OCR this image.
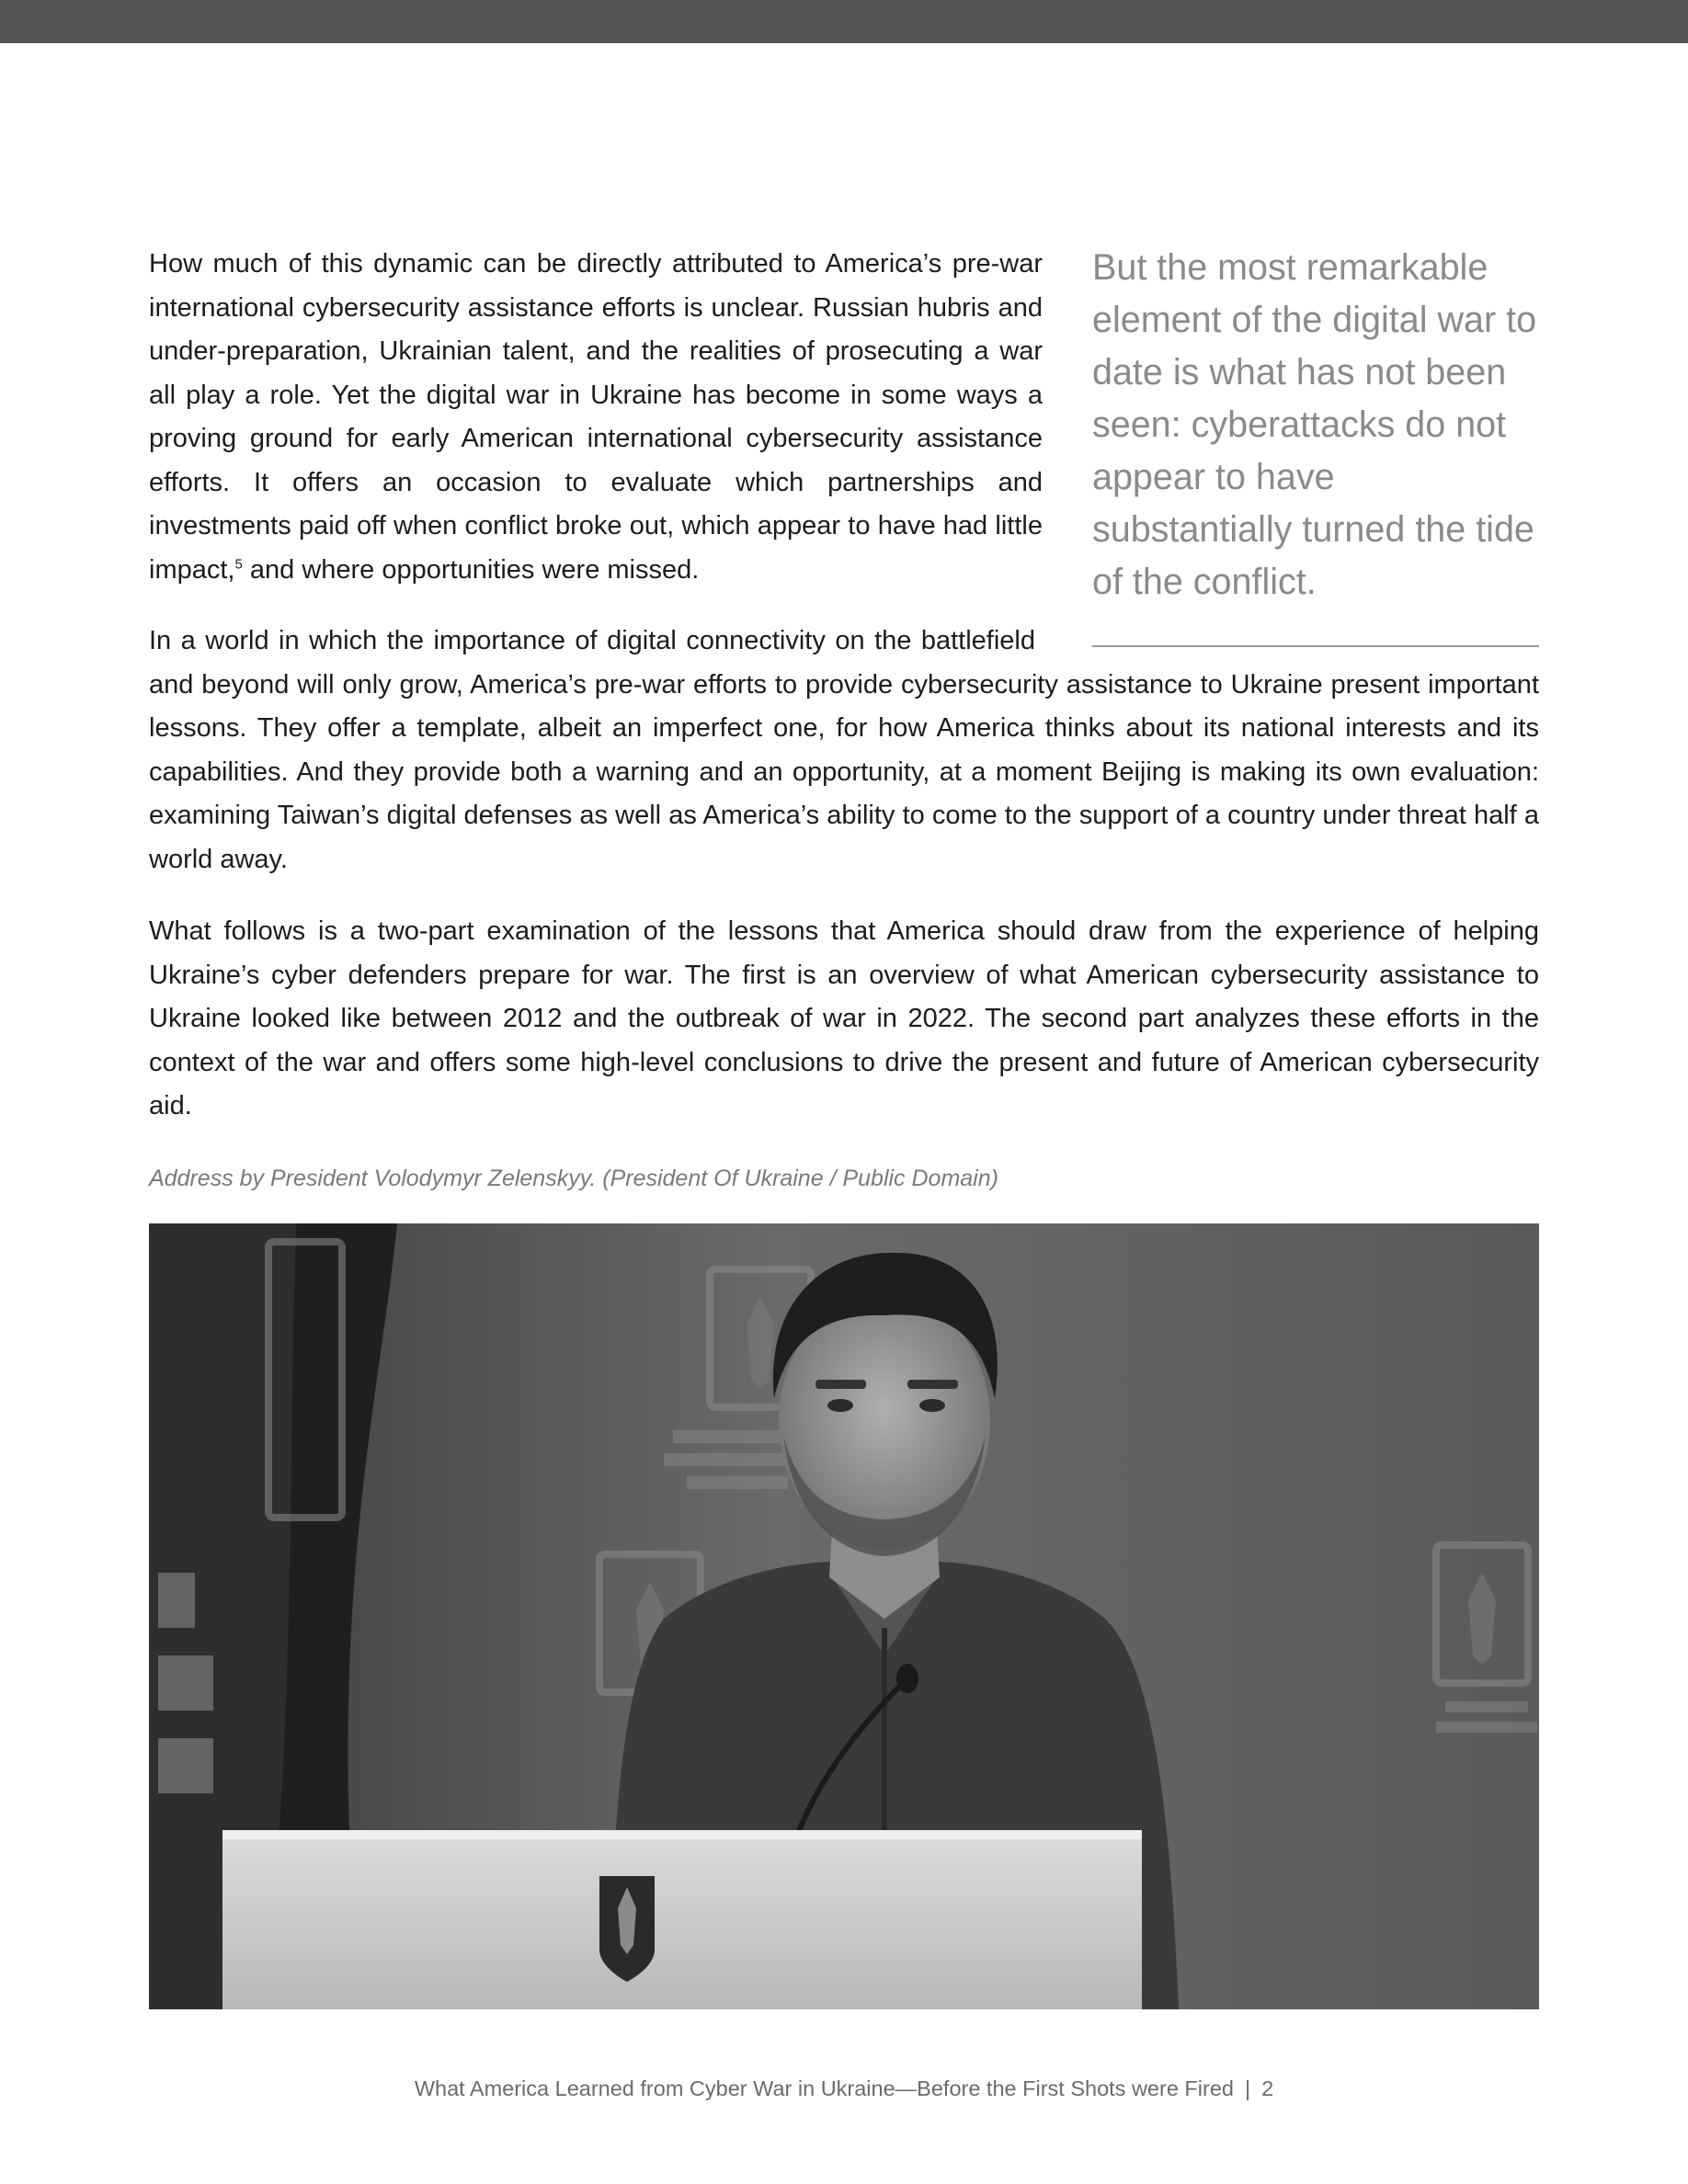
How much of this dynamic can be directly attributed to America’s pre-war international cybersecurity assistance efforts is unclear. Russian hubris and under-preparation, Ukrainian talent, and the realities of prosecuting a war all play a role. Yet the digital war in Ukraine has become in some ways a proving ground for early American international cybersecurity assistance efforts. It offers an occasion to evaluate which partnerships and investments paid off when conflict broke out, which appear to have had little impact,$^5$ and where opportunities were missed.

In a world in which the importance of digital connectivity on the battlefield and beyond will only grow, America’s pre-war efforts to provide cybersecurity assistance to Ukraine present important lessons. They offer a template, albeit an imperfect one, for how America thinks about its national interests and its capabilities. And they provide both a warning and an opportunity, at a moment Beijing is making its own evaluation: examining Taiwan’s digital defenses as well as America’s ability to come to the support of a country under threat half a world away.

What follows is a two-part examination of the lessons that America should draw from the experience of helping Ukraine’s cyber defenders prepare for war. The first is an overview of what American cybersecurity assistance to Ukraine looked like between 2012 and the outbreak of war in 2022. The second part analyzes these efforts in the context of the war and offers some high-level conclusions to drive the present and future of American cybersecurity aid.

But the most remarkable element of the digital war to date is what has not been seen: cyberattacks do not appear to have substantially turned the tide of the conflict.

Address by President Volodymyr Zelenskyy. (President Of Ukraine / Public Domain)

What America Learned from Cyber War in Ukraine—Before the First Shots were Fired | 2
